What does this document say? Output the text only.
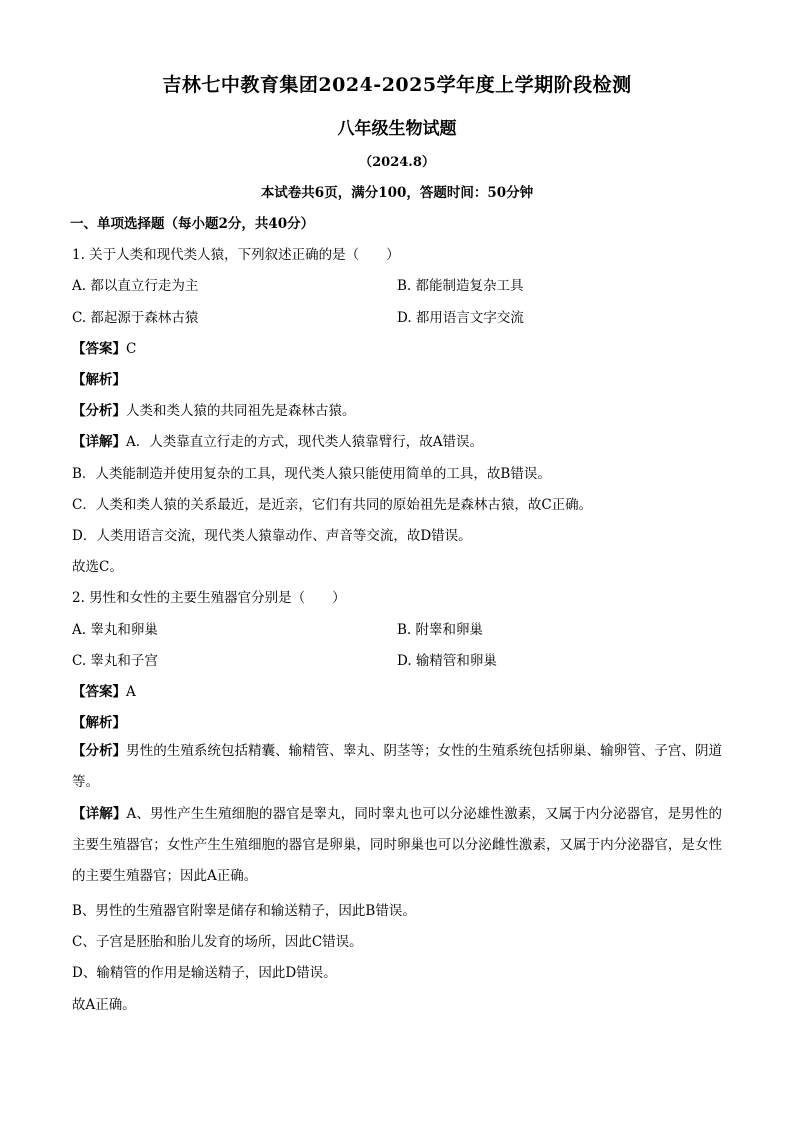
吉林七中教育集团2024-2025学年度上学期阶段检测
八年级生物试题
（2024.8）
本试卷共6页，满分100，答题时间：50分钟
一、单项选择题（每小题2分，共40分）
1. 关于人类和现代类人猿，下列叙述正确的是（　　）
A. 都以直立行走为主	B. 都能制造复杂工具
C. 都起源于森林古猿	D. 都用语言文字交流
【答案】C
【解析】
【分析】人类和类人猿的共同祖先是森林古猿。
【详解】A．人类靠直立行走的方式，现代类人猿靠臂行，故A错误。
B．人类能制造并使用复杂的工具，现代类人猿只能使用简单的工具，故B错误。
C．人类和类人猿的关系最近，是近亲，它们有共同的原始祖先是森林古猿，故C正确。
D．人类用语言交流，现代类人猿靠动作、声音等交流，故D错误。
故选C。
2. 男性和女性的主要生殖器官分别是（　　）
A. 睾丸和卵巢	B. 附睾和卵巢
C. 睾丸和子宫	D. 输精管和卵巢
【答案】A
【解析】
【分析】男性的生殖系统包括精囊、输精管、睾丸、阴茎等；女性的生殖系统包括卵巢、输卵管、子宫、阴道等。
【详解】A、男性产生生殖细胞的器官是睾丸，同时睾丸也可以分泌雄性激素，又属于内分泌器官，是男性的主要生殖器官；女性产生生殖细胞的器官是卵巢，同时卵巢也可以分泌雌性激素，又属于内分泌器官，是女性的主要生殖器官；因此A正确。
B、男性的生殖器官附睾是储存和输送精子，因此B错误。
C、子宫是胚胎和胎儿发育的场所，因此C错误。
D、输精管的作用是输送精子，因此D错误。
故A正确。
